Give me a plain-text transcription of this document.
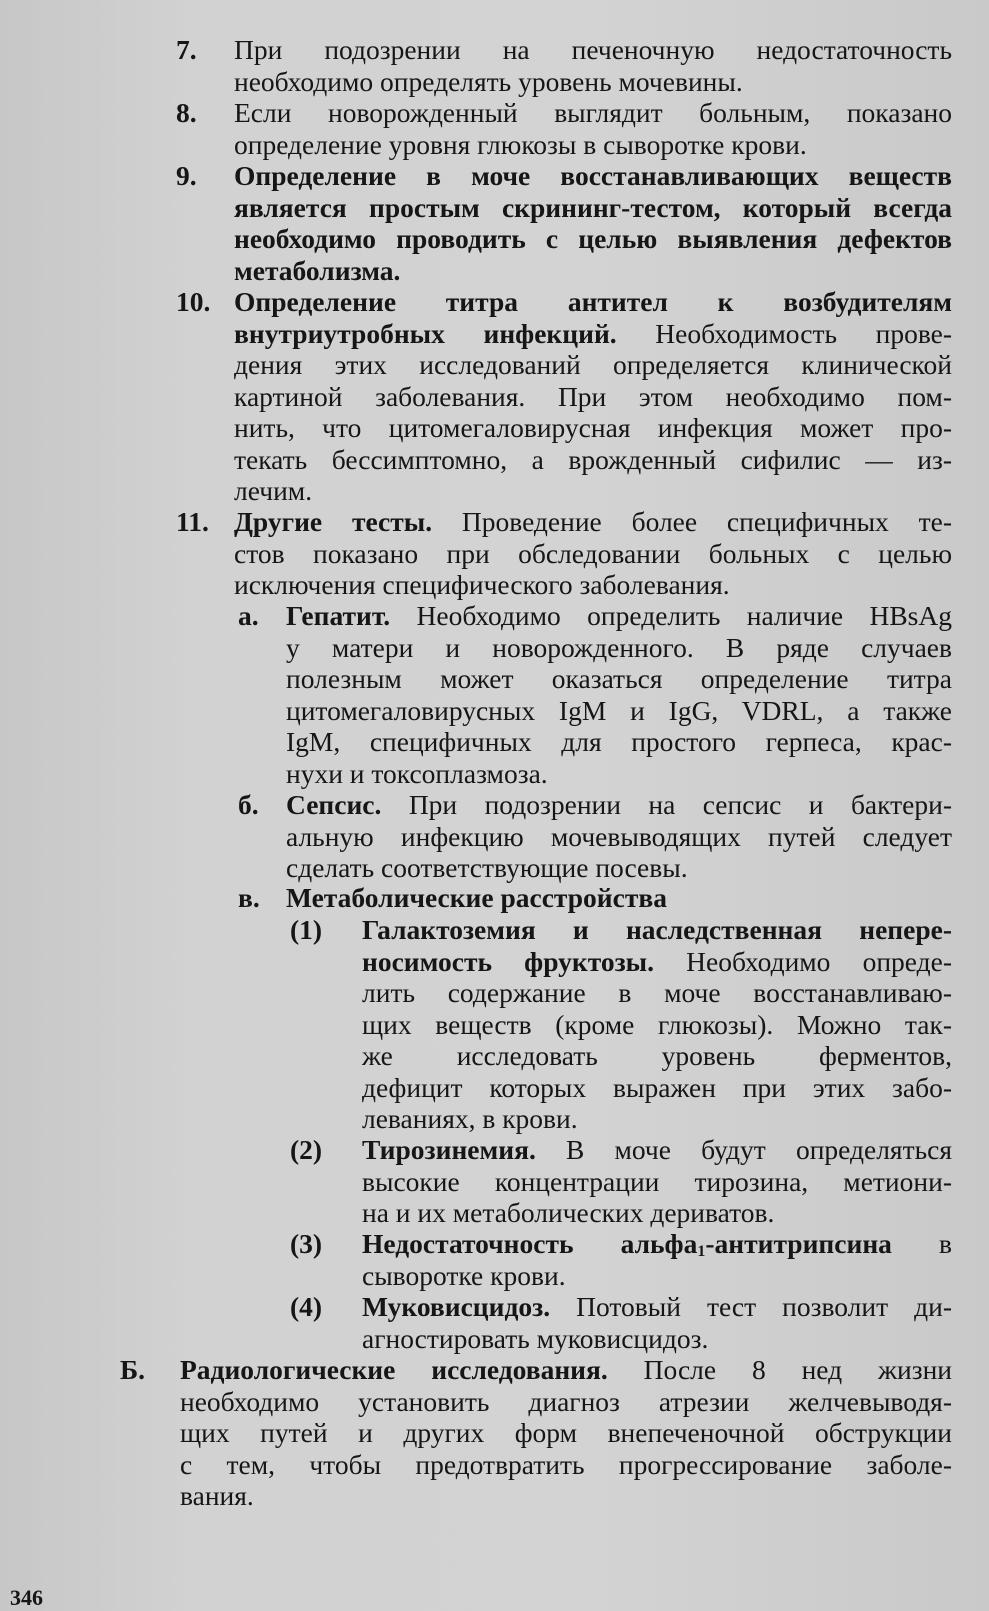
7. При подозрении на печеночную недостаточность
необходимо определять уровень мочевины.
8. Если новорожденный выглядит больным, показано
определение уровня глюкозы в сыворотке крови.
9. Определение в моче восстанавливающих веществ
является простым скрининг-тестом, который всегда
необходимо проводить с целью выявления дефектов
метаболизма.
10. Определение титра антител к возбудителям
внутриутробных инфекций. Необходимость прове-
дения этих исследований определяется клинической
картиной заболевания. При этом необходимо пом-
нить, что цитомегаловирусная инфекция может про-
текать бессимптомно, а врожденный сифилис — из-
лечим.
11. Другие тесты. Проведение более специфичных те-
стов показано при обследовании больных с целью
исключения специфического заболевания.
а. Гепатит. Необходимо определить наличие HBsAg
у матери и новорожденного. В ряде случаев
полезным может оказаться определение титра
цитомегаловирусных IgM и IgG, VDRL, а также
IgM, специфичных для простого герпеса, крас-
нухи и токсоплазмоза.
б. Сепсис. При подозрении на сепсис и бактери-
альную инфекцию мочевыводящих путей следует
сделать соответствующие посевы.
в. Метаболические расстройства
(1) Галактоземия и наследственная непере-
носимость фруктозы. Необходимо опреде-
лить содержание в моче восстанавливаю-
щих веществ (кроме глюкозы). Можно так-
же исследовать уровень ферментов,
дефицит которых выражен при этих забо-
леваниях, в крови.
(2) Тирозинемия. В моче будут определяться
высокие концентрации тирозина, метиони-
на и их метаболических дериватов.
(3) Недостаточность альфа$_1$-антитрипсина в
сыворотке крови.
(4) Муковисцидоз. Потовый тест позволит ди-
агностировать муковисцидоз.
Б. Радиологические исследования. После 8 нед жизни
необходимо установить диагноз атрезии желчевыводя-
щих путей и других форм внепеченочной обструкции
с тем, чтобы предотвратить прогрессирование заболе-
вания.
346
